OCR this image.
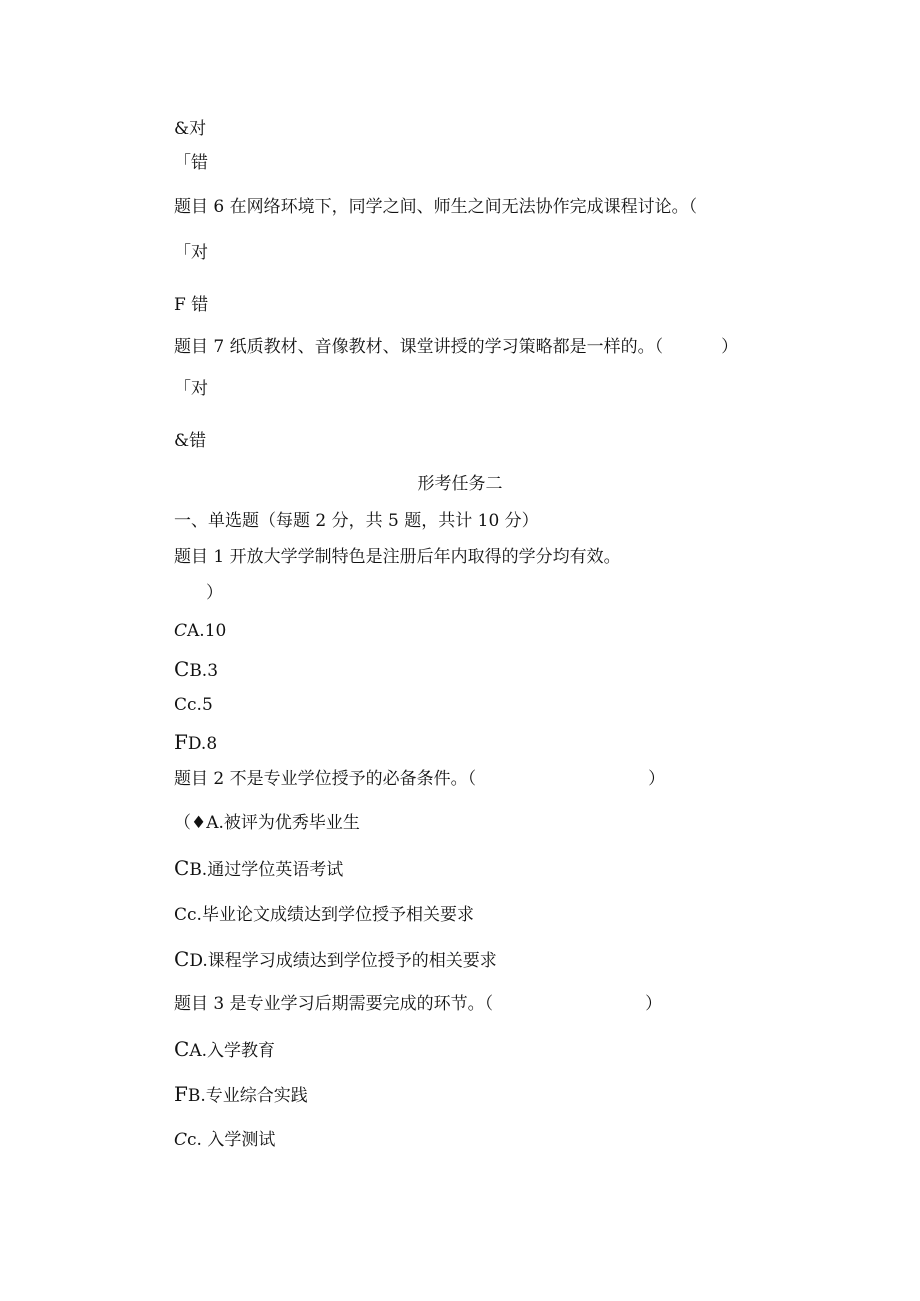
&对
「错
题目 6 在网络环境下，同学之间、师生之间无法协作完成课程讨论。（
「对
F 错
题目 7 纸质教材、音像教材、课堂讲授的学习策略都是一样的。（	）
「对
&错
形考任务二
一、单选题（每题 2 分，共 5 题，共计 10 分）
题目 1 开放大学学制特色是注册后年内取得的学分均有效。
）
CA.10
CB.3
Cc.5
FD.8
题目 2 不是专业学位授予的必备条件。（	）
（♦A.被评为优秀毕业生
CB.通过学位英语考试
Cc.毕业论文成绩达到学位授予相关要求
CD.课程学习成绩达到学位授予的相关要求
题目 3 是专业学习后期需要完成的环节。（	）
CA.入学教育
FB.专业综合实践
Cc. 入学测试
